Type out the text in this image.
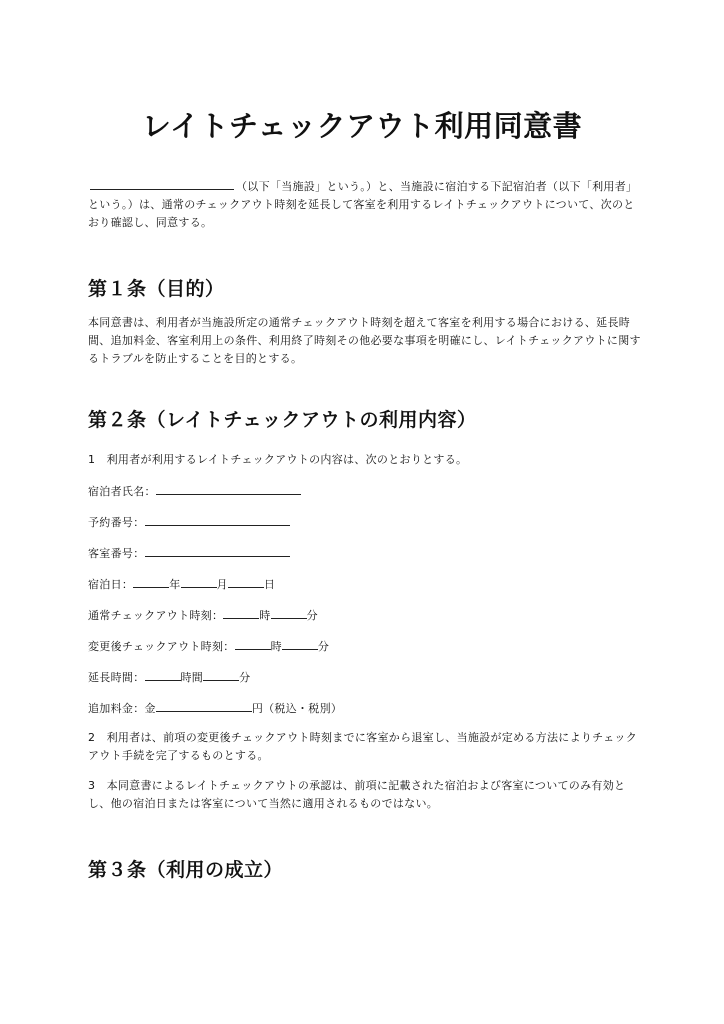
レイトチェックアウト利用同意書

（以下「当施設」という。）と、当施設に宿泊する下記宿泊者（以下「利用者」という。）は、通常のチェックアウト時刻を延長して客室を利用するレイトチェックアウトについて、次のとおり確認し、同意する。

第１条（目的）

本同意書は、利用者が当施設所定の通常チェックアウト時刻を超えて客室を利用する場合における、延長時間、追加料金、客室利用上の条件、利用終了時刻その他必要な事項を明確にし、レイトチェックアウトに関するトラブルを防止することを目的とする。

第２条（レイトチェックアウトの利用内容）

1　利用者が利用するレイトチェックアウトの内容は、次のとおりとする。

宿泊者氏名：
予約番号：
客室番号：
宿泊日：	年	月	日
通常チェックアウト時刻：	時	分
変更後チェックアウト時刻：	時	分
延長時間：	時間	分
追加料金：金	円（税込・税別）

2　利用者は、前項の変更後チェックアウト時刻までに客室から退室し、当施設が定める方法によりチェックアウト手続を完了するものとする。

3　本同意書によるレイトチェックアウトの承認は、前項に記載された宿泊および客室についてのみ有効とし、他の宿泊日または客室について当然に適用されるものではない。

第３条（利用の成立）
